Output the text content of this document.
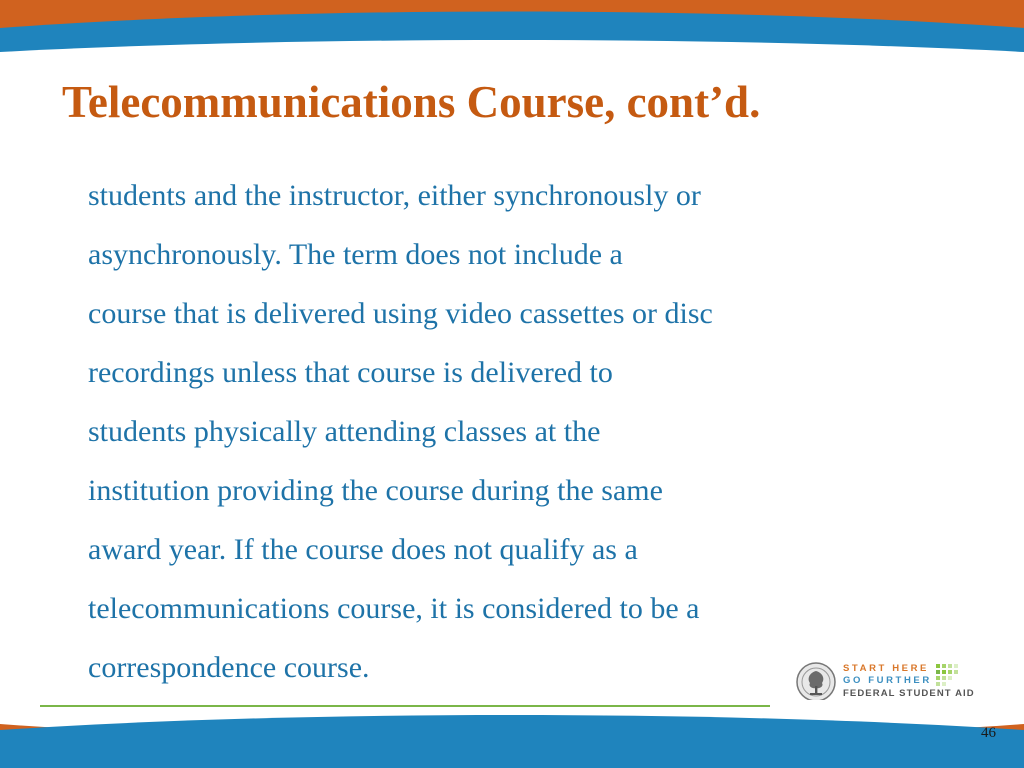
Telecommunications Course, cont’d.
students and the instructor, either synchronously or
asynchronously. The term does not include a
course that is delivered using video cassettes or disc
recordings unless that course is delivered to
students physically attending classes at the
institution providing the course during the same
award year. If the course does not qualify as a
telecommunications course, it is considered to be a
correspondence course.	START HERE
GO FURTHER
FEDERAL STUDENT AID
46
